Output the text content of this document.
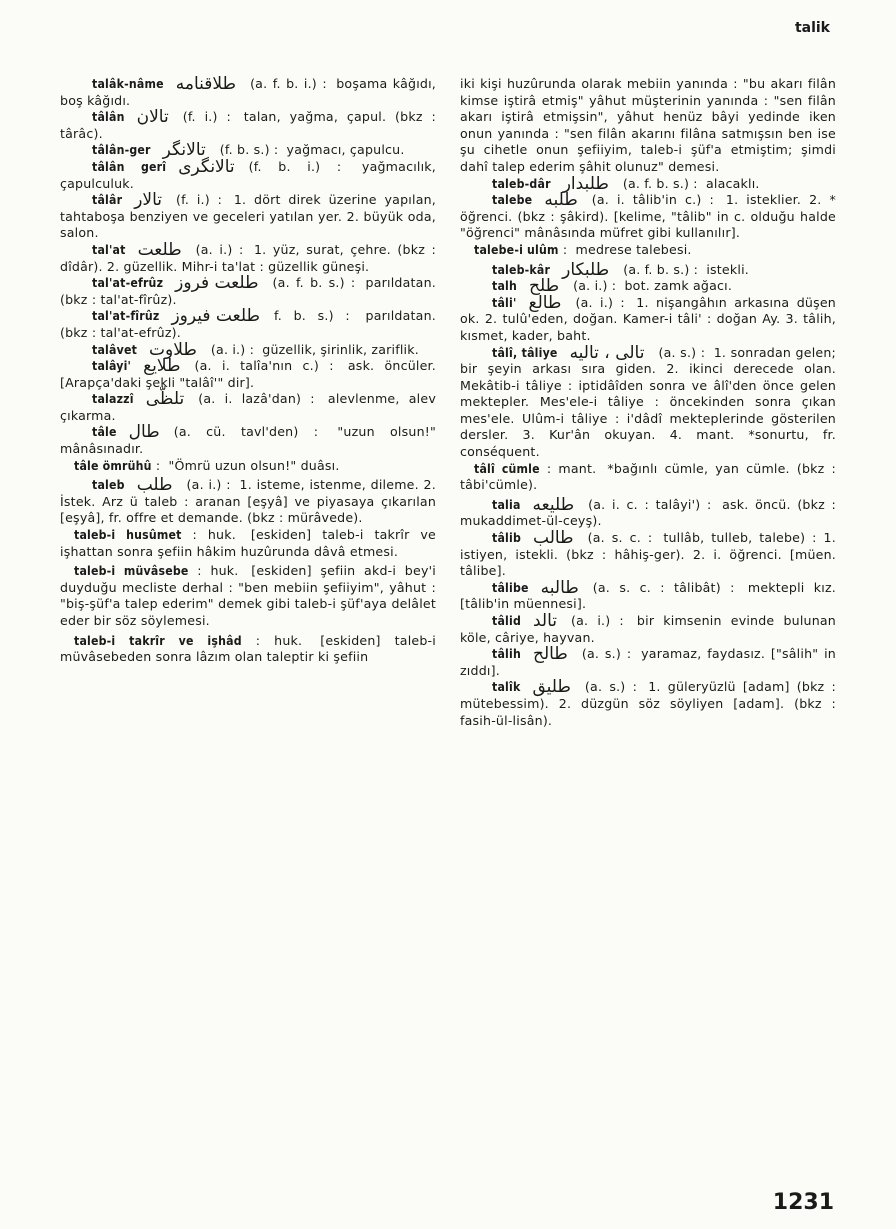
talik

talâk-nâme طلاقنامه (a. f. b. i.) : boşama kâğıdı, boş kâğıdı.

tâlân تالان (f. i.) : talan, yağma, çapul. (bkz : târâc).

tâlân-ger تالانگر (f. b. s.) : yağmacı, çapulcu.

tâlân gerî تالانگری (f. b. i.) : yağmacılık, çapulculuk.

tâlâr تالار (f. i.) : 1. dört direk üzerine yapılan, tahtaboşa benziyen ve geceleri yatılan yer. 2. büyük oda, salon.

tal'at طلعت (a. i.) : 1. yüz, surat, çehre. (bkz : dîdâr). 2. güzellik. Mihr-i ta'lat : güzellik güneşi.

tal'at-efrûz طلعت فروز (a. f. b. s.) : parıldatan. (bkz : tal'at-fîrûz).

tal'at-fîrûz طلعت فیروز f. b. s.) : parıldatan. (bkz : tal'at-efrûz).

talâvet طلاوت (a. i.) : güzellik, şirinlik, zariflik.

talâyi' طلايع (a. i. talîa'nın c.) : ask. öncüler. [Arapça'daki şekli "talâî'" dir].

talazzî تلظّی (a. i. lazâ'dan) : alevlenme, alev çıkarma.

tâle طال (a. cü. tavl'den) : "uzun olsun!" mânâsınadır.

tâle ömrühû : "Ömrü uzun olsun!" duâsı.

taleb طلب (a. i.) : 1. isteme, istenme, dileme. 2. İstek. Arz ü taleb : aranan [eşyâ] ve piyasaya çıkarılan [eşyâ], fr. offre et demande. (bkz : mürâvede).

taleb-i husûmet : huk. [eskiden] taleb-i takrîr ve işhattan sonra şefiin hâkim huzûrunda dâvâ etmesi.

taleb-i müvâsebe : huk. [eskiden] şefiin akd-i bey'i duyduğu mecliste derhal : "ben mebiin şefiiyim", yâhut : "biş-şüf'a talep ederim" demek gibi taleb-i şüf'aya delâlet eder bir söz söylemesi.

taleb-i takrîr ve işhâd : huk. [eskiden] taleb-i müvâsebeden sonra lâzım olan taleptir ki şefiin

iki kişi huzûrunda olarak mebiin yanında : "bu akarı filân kimse iştirâ etmiş" yâhut müşterinin yanında : "sen filân akarı iştirâ etmişsin", yâhut henüz bâyi yedinde iken onun yanında : "sen filân akarını filâna satmışsın ben ise şu cihetle onun şefiiyim, taleb-i şüf'a etmiştim; şimdi dahî talep ederim şâhit olunuz" demesi.

taleb-dâr طلبدار (a. f. b. s.) : alacaklı.

talebe طلبه (a. i. tâlib'in c.) : 1. isteklier. 2. * öğrenci. (bkz : şâkird). [kelime, "tâlib" in c. olduğu halde "öğrenci" mânâsında müfret gibi kullanılır].

talebe-i ulûm : medrese talebesi.

taleb-kâr طلبكار (a. f. b. s.) : istekli.

talh طلح (a. i.) : bot. zamk ağacı.

tâli' طالع (a. i.) : 1. nişangâhın arkasına düşen ok. 2. tulû'eden, doğan. Kamer-i tâli' : doğan Ay. 3. tâlih, kısmet, kader, baht.

tâlî, tâliye تالی ، تاليه (a. s.) : 1. sonradan gelen; bir şeyin arkası sıra giden. 2. ikinci derecede olan. Mekâtib-i tâliye : iptidâîden sonra ve âlî'den önce gelen mektepler. Mes'ele-i tâliye : öncekinden sonra çıkan mes'ele. Ulûm-i tâliye : i'dâdî mekteplerinde gösterilen dersler. 3. Kur'ân okuyan. 4. mant. *sonurtu, fr. conséquent.

tâlî cümle : mant. *bağınlı cümle, yan cümle. (bkz : tâbi'cümle).

talia طليعه (a. i. c. : talâyi') : ask. öncü. (bkz : mukaddimet-ül-ceyş).

tâlib طالب (a. s. c. : tullâb, tulleb, talebe) : 1. istiyen, istekli. (bkz : hâhiş-ger). 2. i. öğrenci. [müen. tâlibe].

tâlibe طالبه (a. s. c. : tâlibât) : mektepli kız. [tâlib'in müennesi].

tâlid تالد (a. i.) : bir kimsenin evinde bulunan köle, câriye, hayvan.

tâlih طالح (a. s.) : yaramaz, faydasız. ["sâlih" in zıddı].

talîk طليق (a. s.) : 1. güleryüzlü [adam] (bkz : mütebessim). 2. düzgün söz söyliyen [adam]. (bkz : fasih-ül-lisân).

1231
